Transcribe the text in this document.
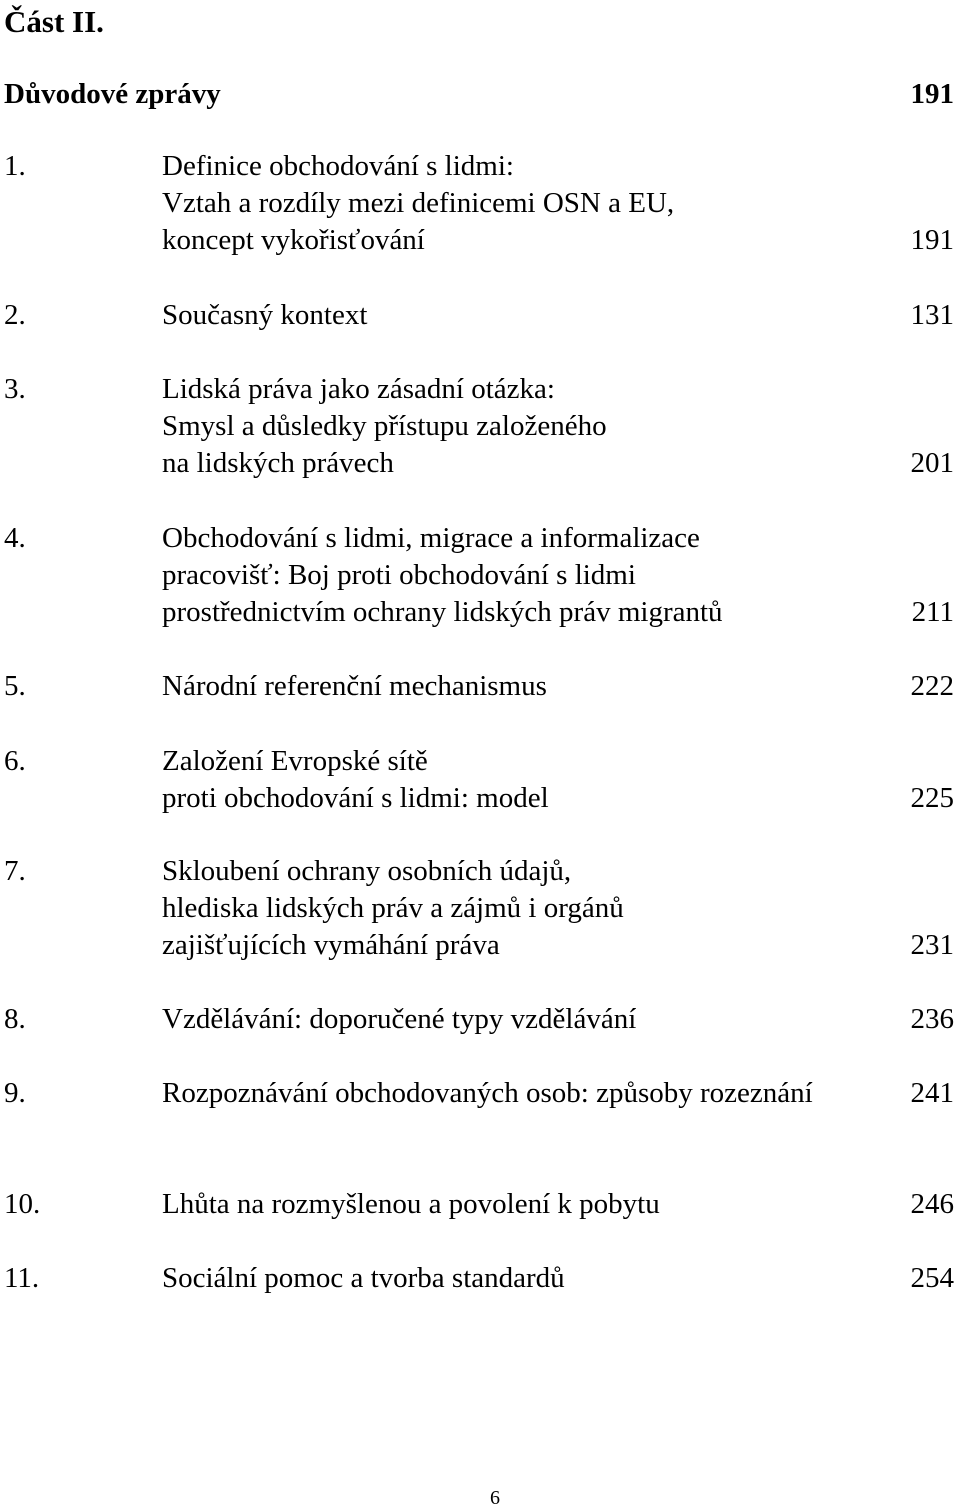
Část II.
Důvodové zprávy	191
1.	Definice obchodování s lidmi:
Vztah a rozdíly mezi definicemi OSN a EU,
koncept vykořisťování	191
2.	Současný kontext	131
3.	Lidská práva jako zásadní otázka:
Smysl a důsledky přístupu založeného
na lidských právech	201
4.	Obchodování s lidmi, migrace a informalizace
pracovišť: Boj proti obchodování s lidmi
prostřednictvím ochrany lidských práv migrantů	211
5.	Národní referenční mechanismus	222
6.	Založení Evropské sítě
proti obchodování s lidmi: model	225
7.	Skloubení ochrany osobních údajů,
hlediska lidských práv a zájmů i orgánů
zajišťujících vymáhání práva	231
8.	Vzdělávání: doporučené typy vzdělávání	236
9.	Rozpoznávání obchodovaných osob: způsoby rozeznání	241
10.	Lhůta na rozmyšlenou a povolení k pobytu	246
11.	Sociální pomoc a tvorba standardů	254
6
